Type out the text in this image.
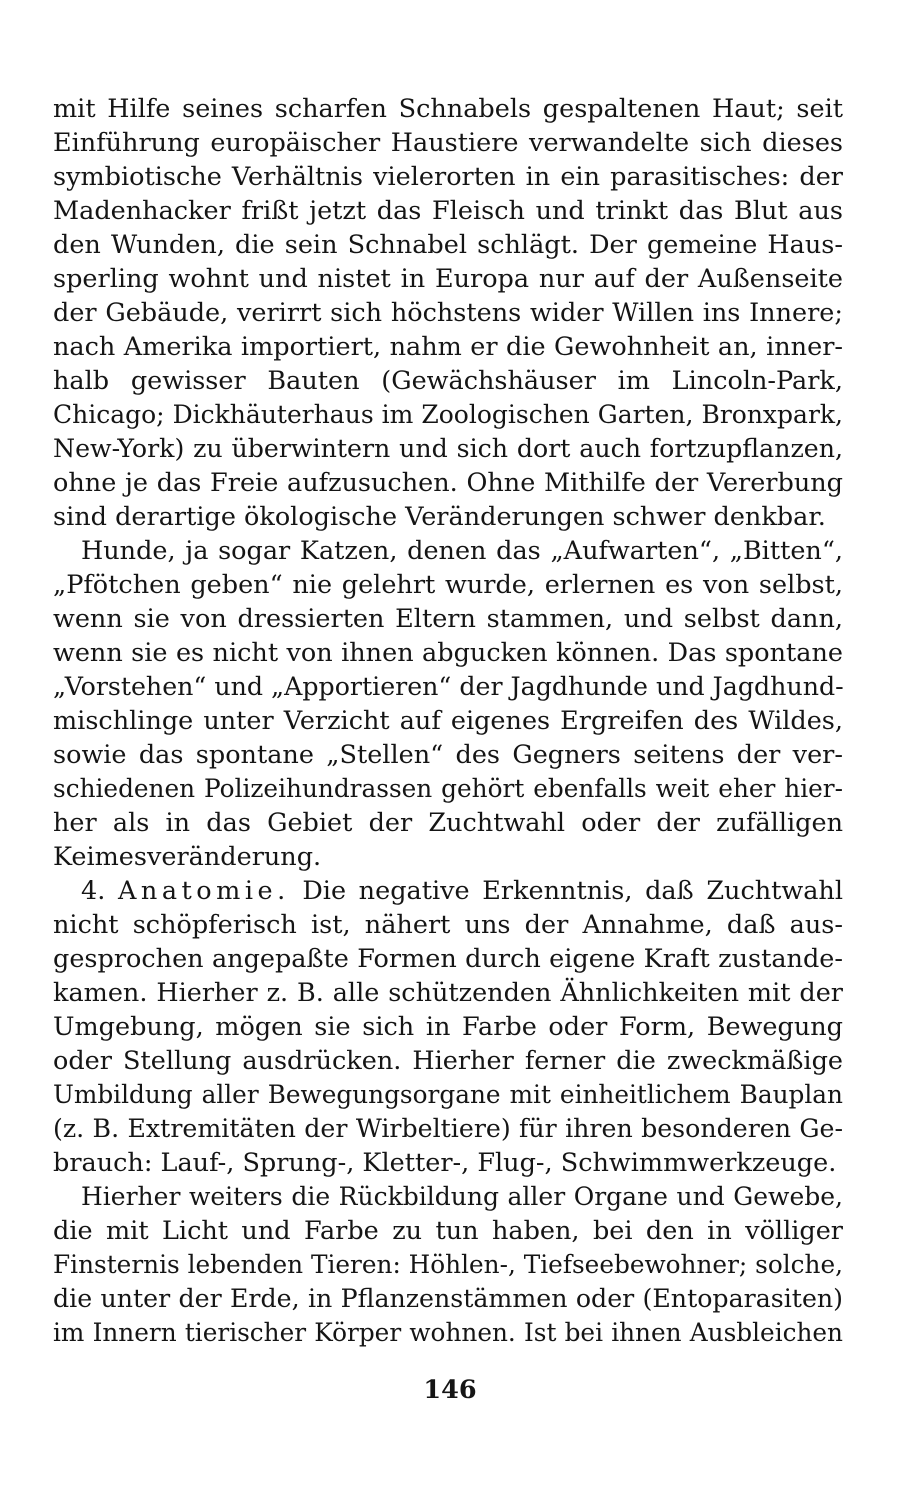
mit Hilfe seines scharfen Schnabels gespaltenen Haut; seit
Einführung europäischer Haustiere verwandelte sich dieses
symbiotische Verhältnis vielerorten in ein parasitisches: der
Madenhacker frißt jetzt das Fleisch und trinkt das Blut aus
den Wunden, die sein Schnabel schlägt. Der gemeine Haus-
sperling wohnt und nistet in Europa nur auf der Außenseite
der Gebäude, verirrt sich höchstens wider Willen ins Innere;
nach Amerika importiert, nahm er die Gewohnheit an, inner-
halb gewisser Bauten (Gewächshäuser im Lincoln-Park,
Chicago; Dickhäuterhaus im Zoologischen Garten, Bronxpark,
New-York) zu überwintern und sich dort auch fortzupflanzen,
ohne je das Freie aufzusuchen. Ohne Mithilfe der Vererbung
sind derartige ökologische Veränderungen schwer denkbar.
Hunde, ja sogar Katzen, denen das „Aufwarten“, „Bitten“,
„Pfötchen geben“ nie gelehrt wurde, erlernen es von selbst,
wenn sie von dressierten Eltern stammen, und selbst dann,
wenn sie es nicht von ihnen abgucken können. Das spontane
„Vorstehen“ und „Apportieren“ der Jagdhunde und Jagdhund-
mischlinge unter Verzicht auf eigenes Ergreifen des Wildes,
sowie das spontane „Stellen“ des Gegners seitens der ver-
schiedenen Polizeihundrassen gehört ebenfalls weit eher hier-
her als in das Gebiet der Zuchtwahl oder der zufälligen
Keimesveränderung.
4. Anatomie. Die negative Erkenntnis, daß Zuchtwahl
nicht schöpferisch ist, nähert uns der Annahme, daß aus-
gesprochen angepaßte Formen durch eigene Kraft zustande-
kamen. Hierher z. B. alle schützenden Ähnlichkeiten mit der
Umgebung, mögen sie sich in Farbe oder Form, Bewegung
oder Stellung ausdrücken. Hierher ferner die zweckmäßige
Umbildung aller Bewegungsorgane mit einheitlichem Bauplan
(z. B. Extremitäten der Wirbeltiere) für ihren besonderen Ge-
brauch: Lauf-, Sprung-, Kletter-, Flug-, Schwimmwerkzeuge.
Hierher weiters die Rückbildung aller Organe und Gewebe,
die mit Licht und Farbe zu tun haben, bei den in völliger
Finsternis lebenden Tieren: Höhlen-, Tiefseebewohner; solche,
die unter der Erde, in Pflanzenstämmen oder (Entoparasiten)
im Innern tierischer Körper wohnen. Ist bei ihnen Ausbleichen
146
